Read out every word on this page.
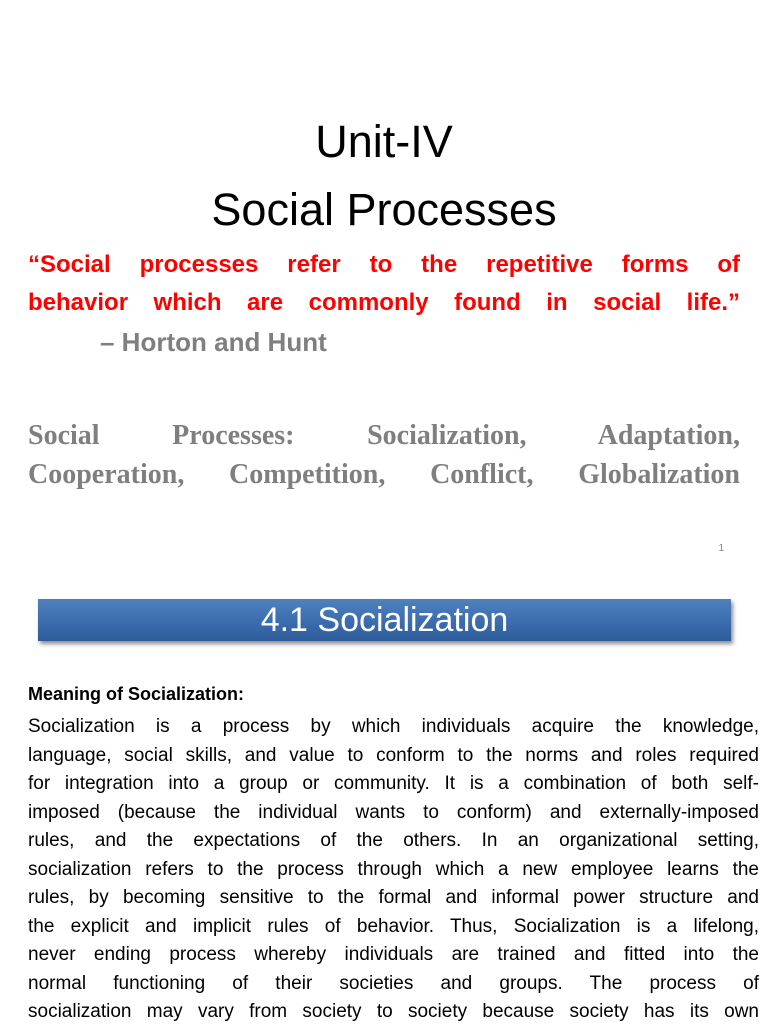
Unit-IV
Social Processes
“Social processes refer to the repetitive forms of
behavior which are commonly found in social life.”
– Horton and Hunt
Social Processes: Socialization, Adaptation,
Cooperation, Competition, Conflict, Globalization
1
4.1 Socialization
Meaning of Socialization:
Socialization is a process by which individuals acquire the knowledge,
language, social skills, and value to conform to the norms and roles required
for integration into a group or community. It is a combination of both self-
imposed (because the individual wants to conform) and externally-imposed
rules, and the expectations of the others. In an organizational setting,
socialization refers to the process through which a new employee learns the
rules, by becoming sensitive to the formal and informal power structure and
the explicit and implicit rules of behavior. Thus, Socialization is a lifelong,
never ending process whereby individuals are trained and fitted into the
normal functioning of their societies and groups. The process of
socialization may vary from society to society because society has its own
